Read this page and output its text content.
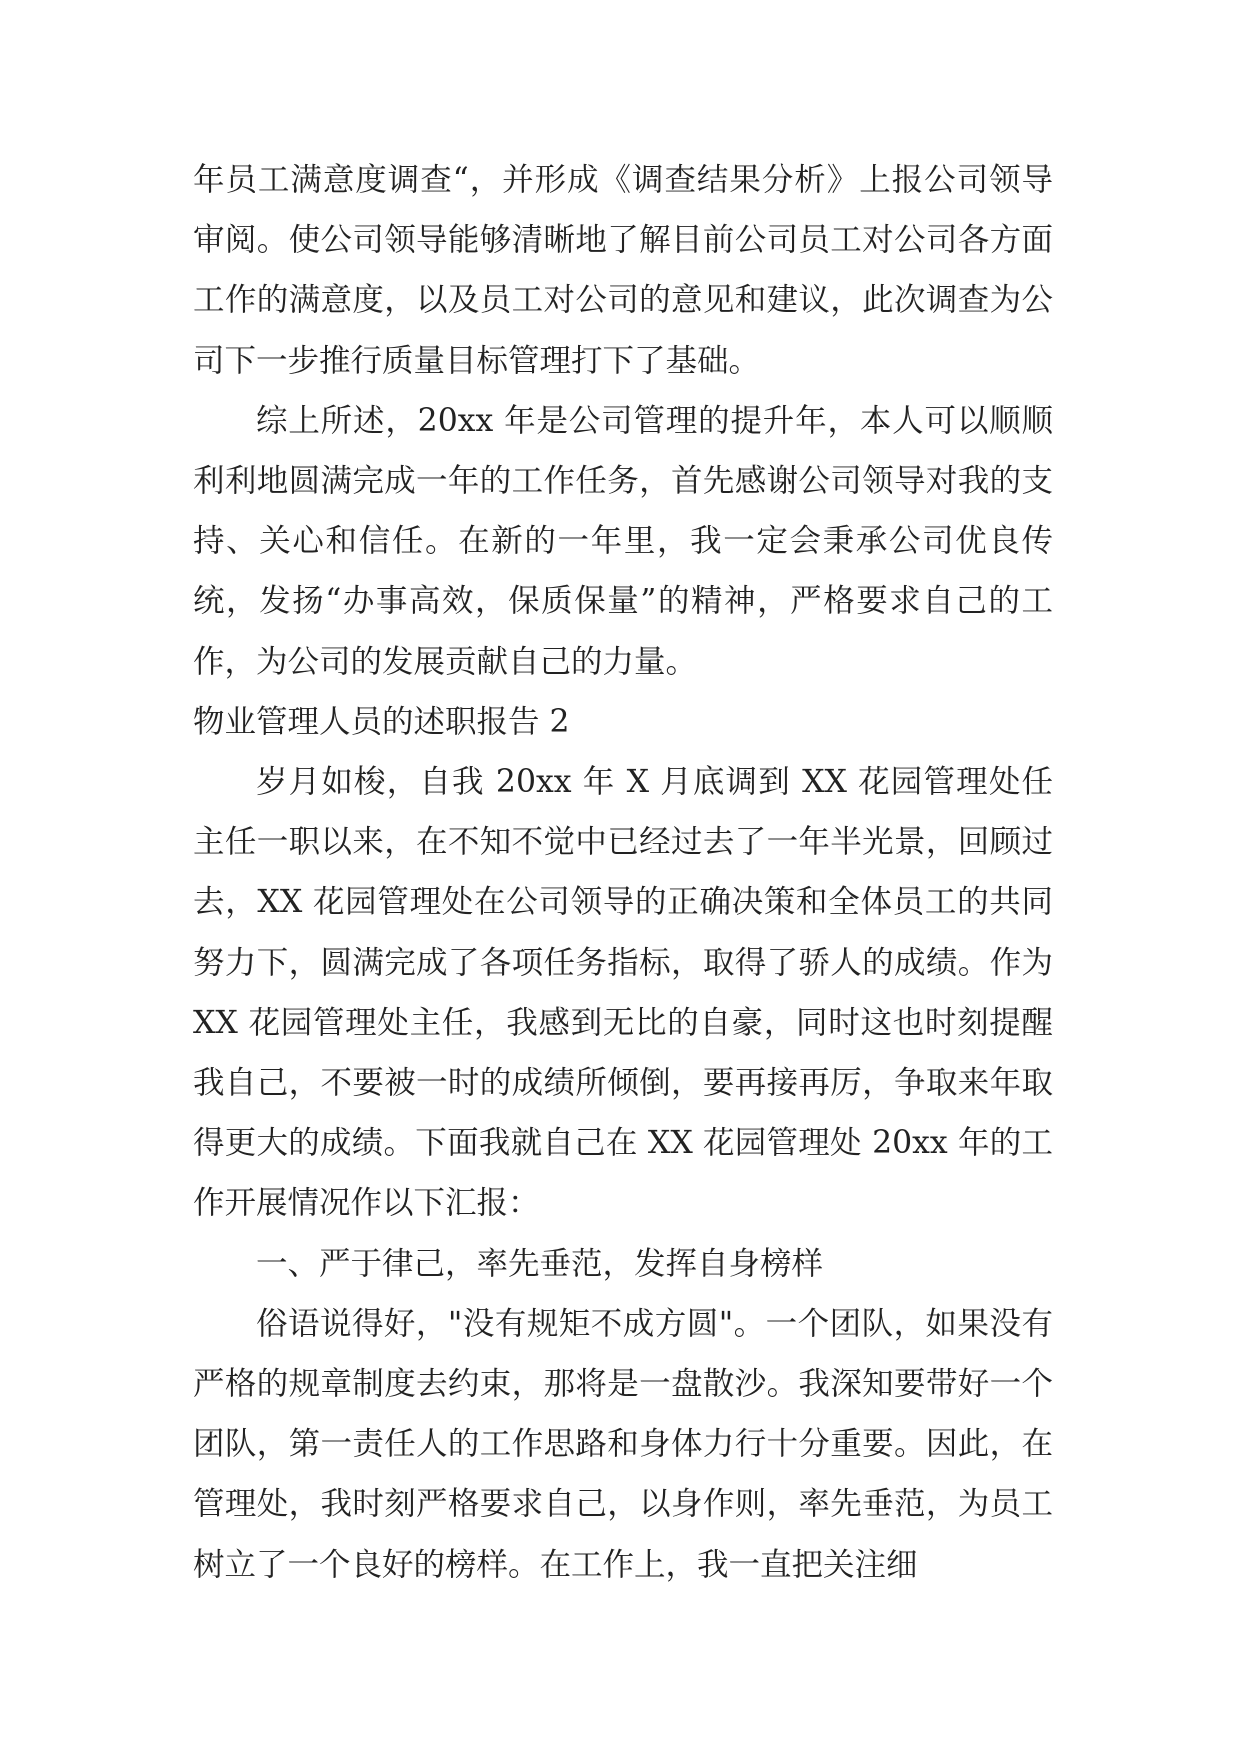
年员工满意度调查“，并形成《调查结果分析》上报公司领导审阅。使公司领导能够清晰地了解目前公司员工对公司各方面工作的满意度，以及员工对公司的意见和建议，此次调查为公司下一步推行质量目标管理打下了基础。

综上所述，20xx 年是公司管理的提升年，本人可以顺顺利利地圆满完成一年的工作任务，首先感谢公司领导对我的支持、关心和信任。在新的一年里，我一定会秉承公司优良传统，发扬“办事高效，保质保量”的精神，严格要求自己的工作，为公司的发展贡献自己的力量。

物业管理人员的述职报告 2

岁月如梭，自我 20xx 年 X 月底调到 XX 花园管理处任主任一职以来，在不知不觉中已经过去了一年半光景，回顾过去，XX 花园管理处在公司领导的正确决策和全体员工的共同努力下，圆满完成了各项任务指标，取得了骄人的成绩。作为 XX 花园管理处主任，我感到无比的自豪，同时这也时刻提醒我自己，不要被一时的成绩所倾倒，要再接再厉，争取来年取得更大的成绩。下面我就自己在 XX 花园管理处 20xx 年的工作开展情况作以下汇报：

一、严于律己，率先垂范，发挥自身榜样

俗语说得好，"没有规矩不成方圆"。一个团队，如果没有严格的规章制度去约束，那将是一盘散沙。我深知要带好一个团队，第一责任人的工作思路和身体力行十分重要。因此，在管理处，我时刻严格要求自己，以身作则，率先垂范，为员工树立了一个良好的榜样。在工作上，我一直把关注细
